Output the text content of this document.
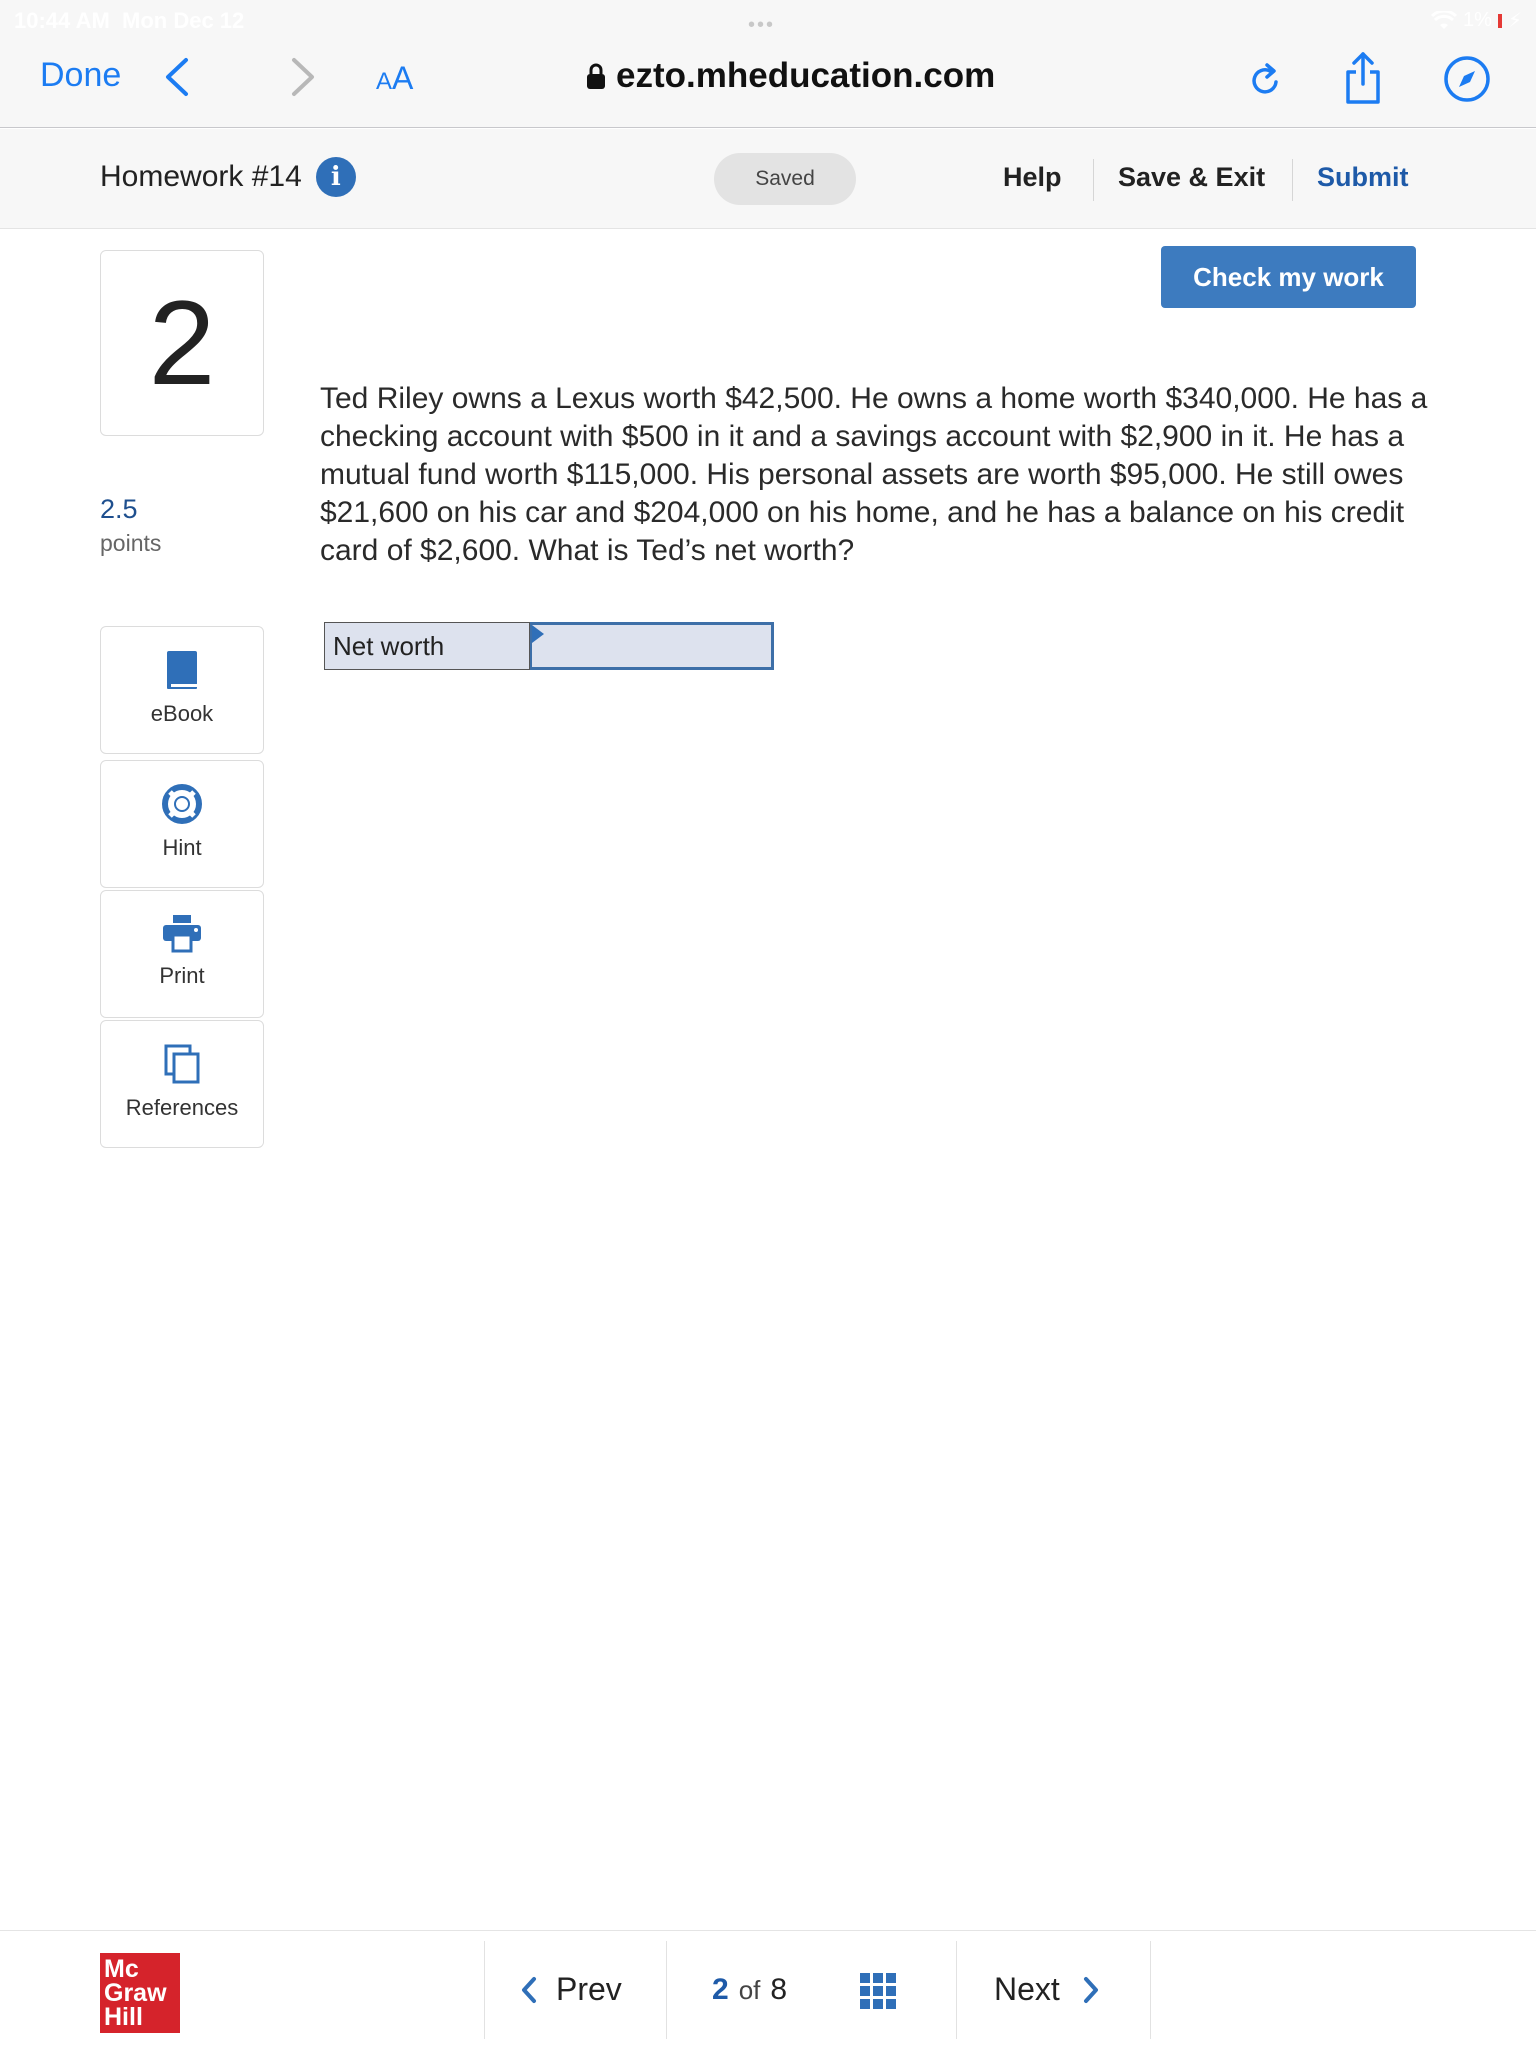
10:44 AM Mon Dec 12	•••	1% ⚡
Done	AA	ezto.mheducation.com
Homework #14	i	Saved	Help Save & Exit Submit
2
2.5
points
eBook
Hint
Print
References
Check my work

Ted Riley owns a Lexus worth $42,500. He owns a home worth $340,000. He has a checking account with $500 in it and a savings account with $2,900 in it. He has a mutual fund worth $115,000. His personal assets are worth $95,000. He still owes $21,600 on his car and $204,000 on his home, and he has a balance on his credit card of $2,600. What is Ted’s net worth?

Net worth
Mc
Graw
Hill
Prev	2 of 8	Next
